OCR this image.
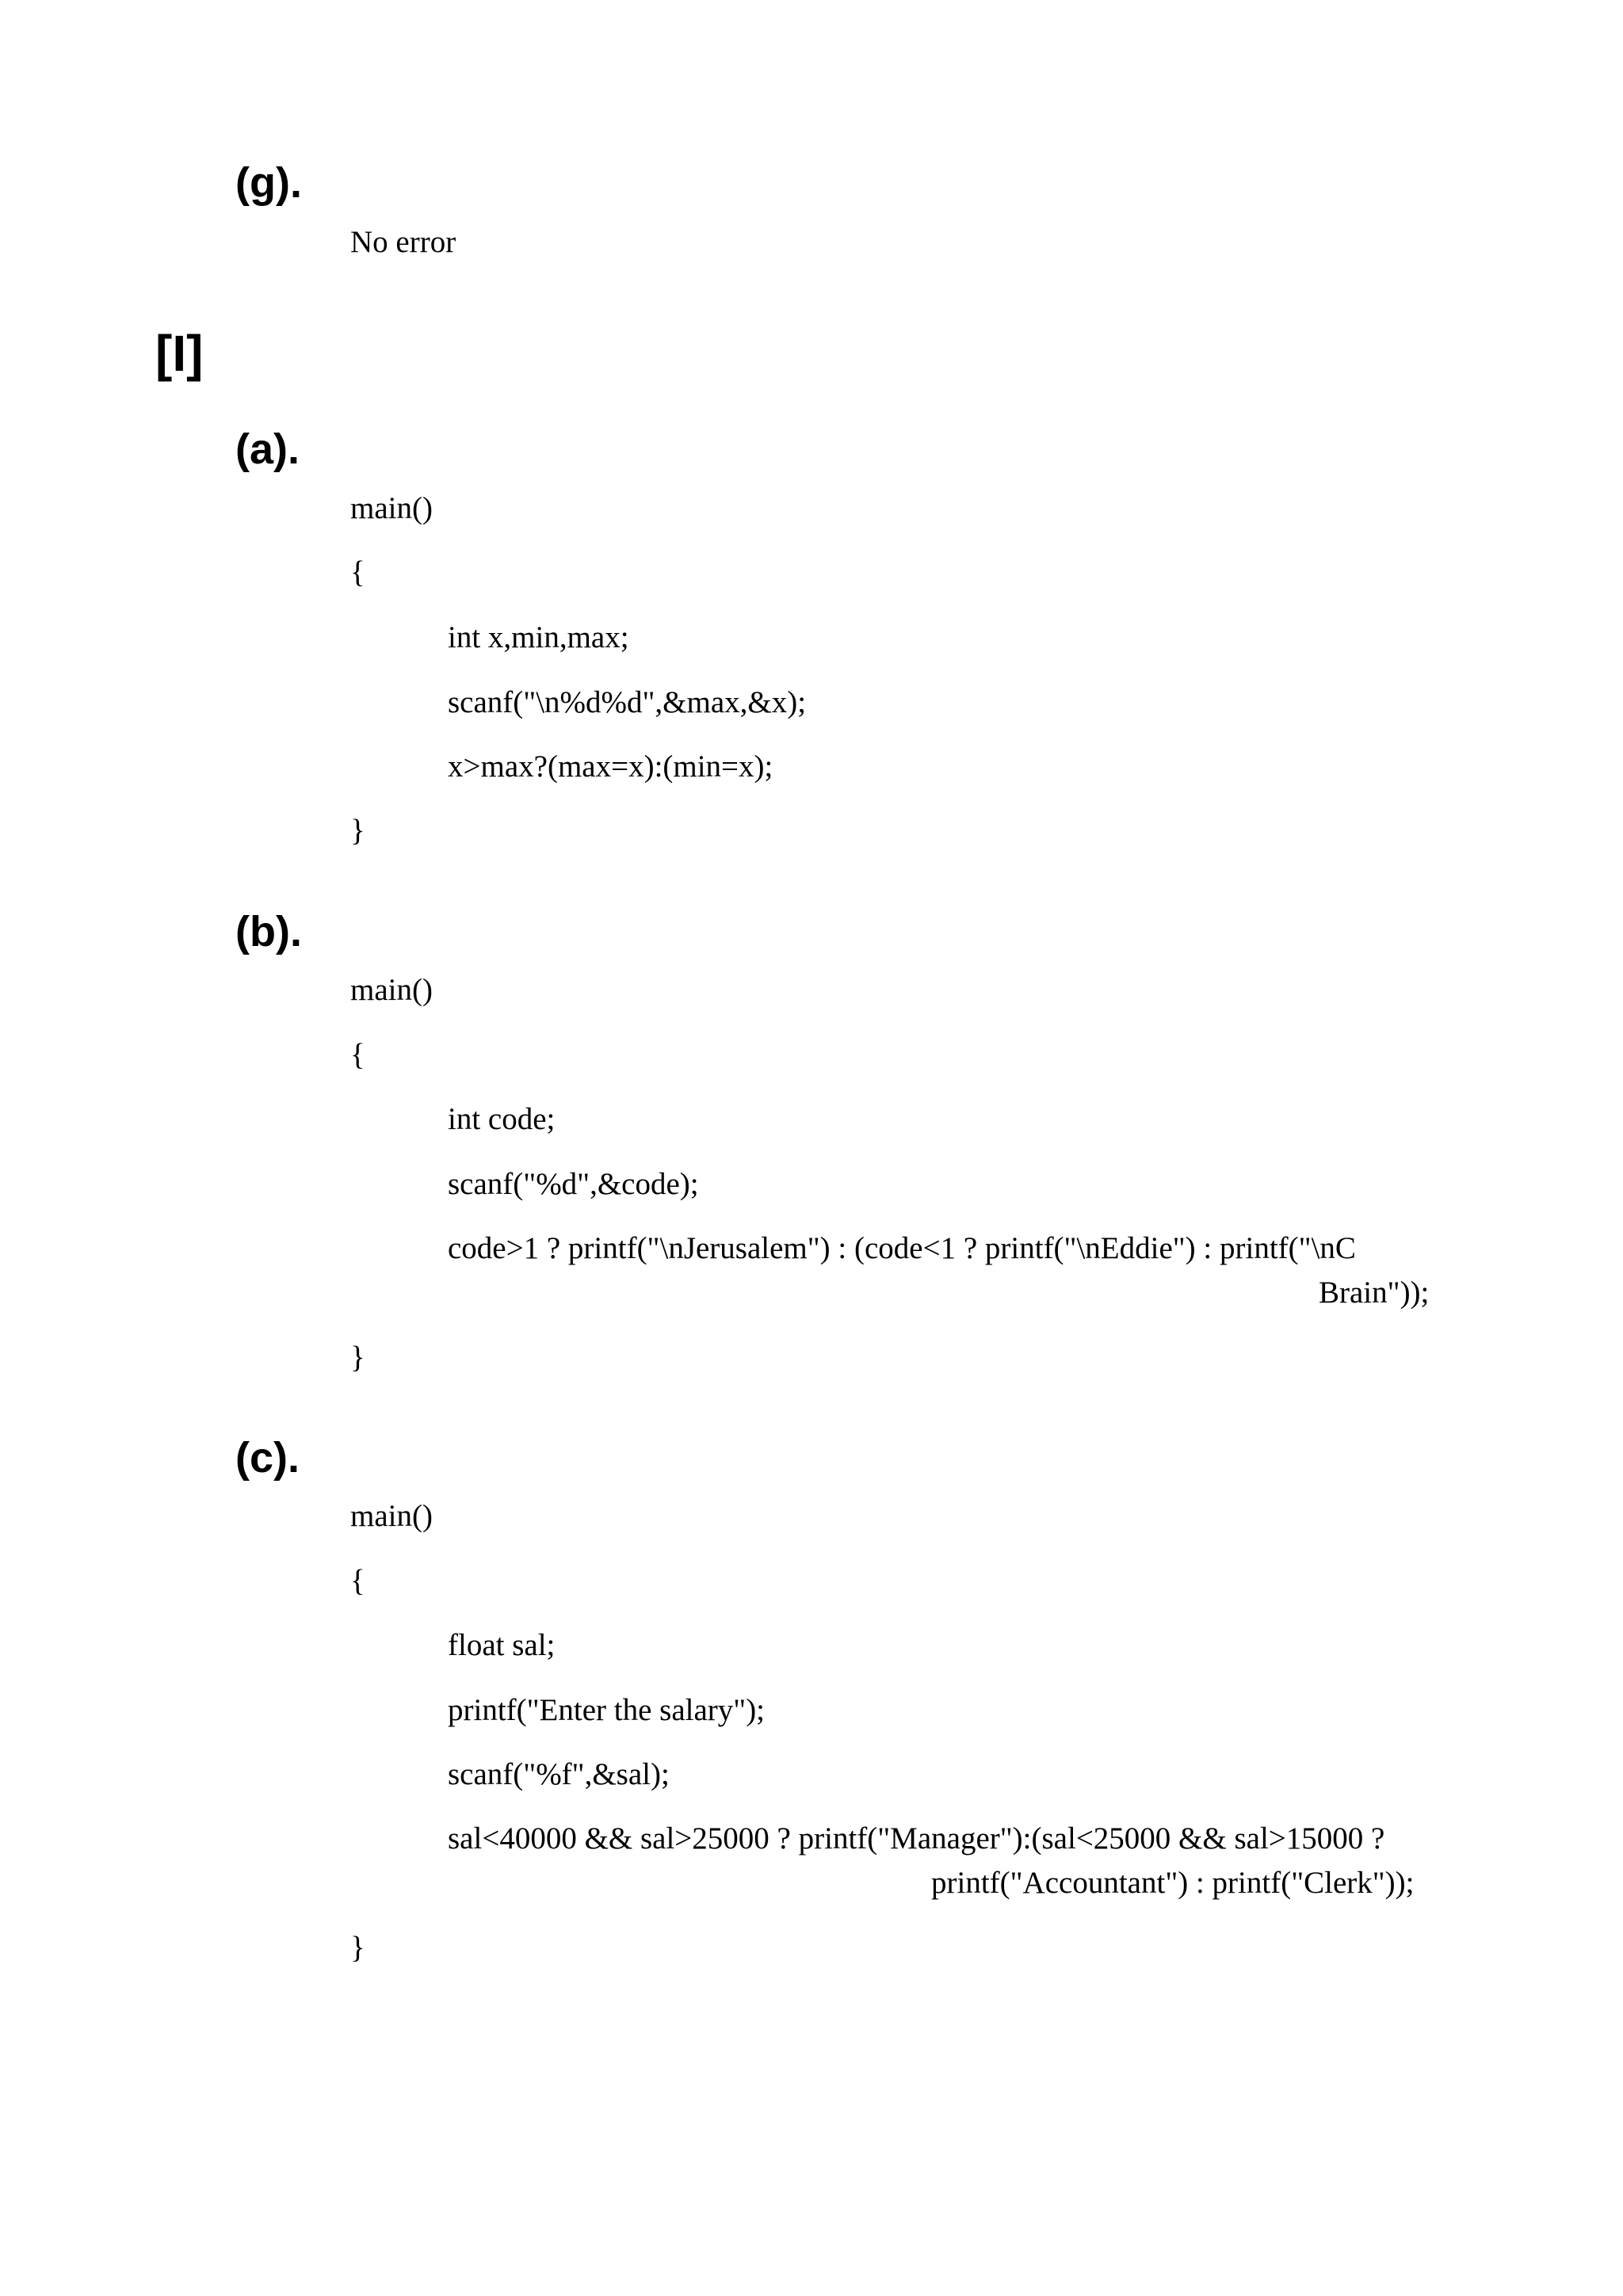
(g).

No error

[I]
(a).

main()

{

int x,min,max;

scanf("\n%d%d",&max,&x);

x>max?(max=x):(min=x);

}

(b).

main()

{

int code;

scanf("%d",&code);

code>1 ? printf("\nJerusalem") : (code<1 ? printf("\nEddie") : printf("\nC

Brain"));

}

(c).

main()

{

float sal;

printf("Enter the salary");

scanf("%f",&sal);

sal<40000 && sal>25000 ? printf("Manager"):(sal<25000 && sal>15000 ?

printf("Accountant") : printf("Clerk"));

}
